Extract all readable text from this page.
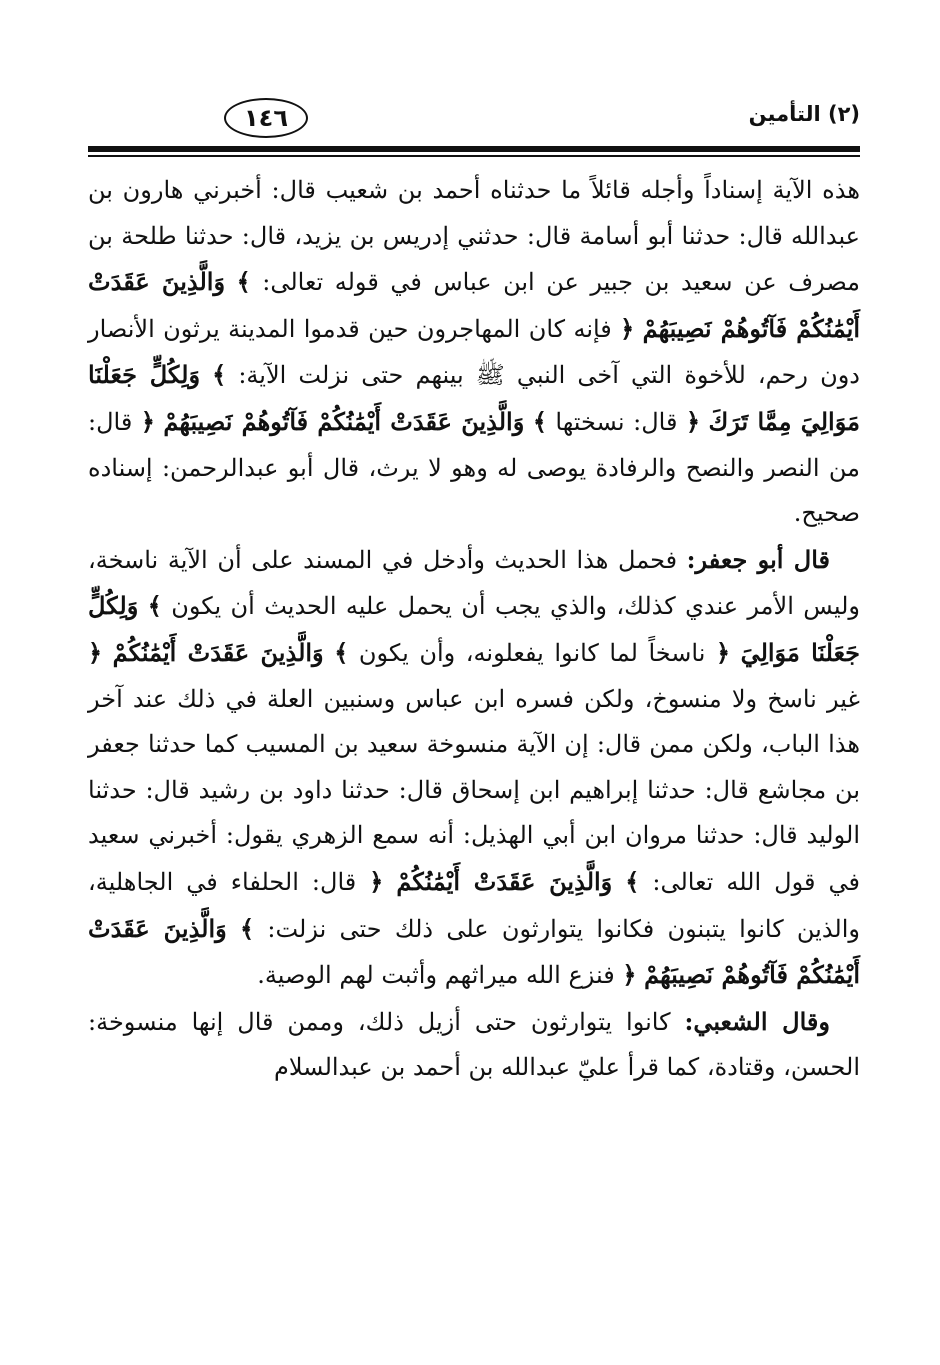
١٤٦	(٢) التأمين

هذه الآية إسناداً وأجله قائلاً ما حدثناه أحمد بن شعيب قال: أخبرني هارون بن عبدالله قال: حدثنا أبو أسامة قال: حدثني إدريس بن يزيد، قال: حدثنا طلحة بن مصرف عن سعيد بن جبير عن ابن عباس في قوله تعالى: ﴾ وَالَّذِينَ عَقَدَتْ أَيْمَٰنُكُمْ فَآتُوهُمْ نَصِيبَهُمْ ﴿ فإنه كان المهاجرون حين قدموا المدينة يرثون الأنصار دون رحم، للأخوة التي آخى النبي ﷺ بينهم حتى نزلت الآية: ﴾ وَلِكُلٍّ جَعَلْنَا مَوَالِيَ مِمَّا تَرَكَ ﴿ قال: نسختها ﴾ وَالَّذِينَ عَقَدَتْ أَيْمَٰنُكُمْ فَآتُوهُمْ نَصِيبَهُمْ ﴿ قال: من النصر والنصح والرفادة يوصى له وهو لا يرث، قال أبو عبدالرحمن: إسناده صحيح.

قال أبو جعفر: فحمل هذا الحديث وأدخل في المسند على أن الآية ناسخة، وليس الأمر عندي كذلك، والذي يجب أن يحمل عليه الحديث أن يكون ﴾ وَلِكُلٍّ جَعَلْنَا مَوَالِيَ ﴿ ناسخاً لما كانوا يفعلونه، وأن يكون ﴾ وَالَّذِينَ عَقَدَتْ أَيْمَٰنُكُمْ ﴿ غير ناسخ ولا منسوخ، ولكن فسره ابن عباس وسنبين العلة في ذلك عند آخر هذا الباب، ولكن ممن قال: إن الآية منسوخة سعيد بن المسيب كما حدثنا جعفر بن مجاشع قال: حدثنا إبراهيم ابن إسحاق قال: حدثنا داود بن رشيد قال: حدثنا الوليد قال: حدثنا مروان ابن أبي الهذيل: أنه سمع الزهري يقول: أخبرني سعيد في قول الله تعالى: ﴾ وَالَّذِينَ عَقَدَتْ أَيْمَٰنُكُمْ ﴿ قال: الحلفاء في الجاهلية، والذين كانوا يتبنون فكانوا يتوارثون على ذلك حتى نزلت: ﴾ وَالَّذِينَ عَقَدَتْ أَيْمَٰنُكُمْ فَآتُوهُمْ نَصِيبَهُمْ ﴿ فنزع الله ميراثهم وأثبت لهم الوصية.

وقال الشعبي: كانوا يتوارثون حتى أزيل ذلك، وممن قال إنها منسوخة: الحسن، وقتادة، كما قرأ عليّ عبدالله بن أحمد بن عبدالسلام
